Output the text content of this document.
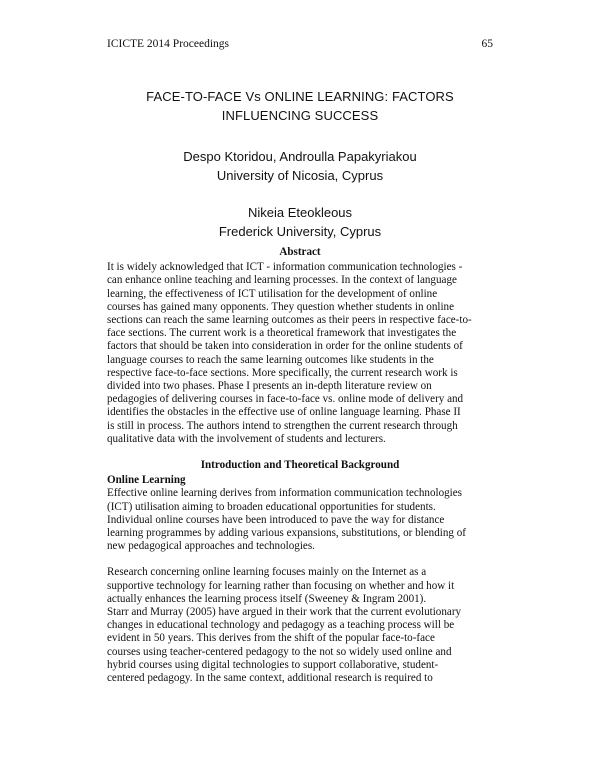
ICICTE 2014 Proceedings	65
FACE-TO-FACE Vs ONLINE LEARNING: FACTORS
INFLUENCING SUCCESS
Despo Ktoridou, Androulla Papakyriakou
University of Nicosia, Cyprus
Nikeia Eteokleous
Frederick University, Cyprus
Abstract
It is widely acknowledged that ICT - information communication technologies -
can enhance online teaching and learning processes. In the context of language
learning, the effectiveness of ICT utilisation for the development of online
courses has gained many opponents. They question whether students in online
sections can reach the same learning outcomes as their peers in respective face-to-
face sections. The current work is a theoretical framework that investigates the
factors that should be taken into consideration in order for the online students of
language courses to reach the same learning outcomes like students in the
respective face-to-face sections. More specifically, the current research work is
divided into two phases. Phase I presents an in-depth literature review on
pedagogies of delivering courses in face-to-face vs. online mode of delivery and
identifies the obstacles in the effective use of online language learning. Phase II
is still in process. The authors intend to strengthen the current research through
qualitative data with the involvement of students and lecturers.
Introduction and Theoretical Background
Online Learning
Effective online learning derives from information communication technologies
(ICT) utilisation aiming to broaden educational opportunities for students.
Individual online courses have been introduced to pave the way for distance
learning programmes by adding various expansions, substitutions, or blending of
new pedagogical approaches and technologies.
Research concerning online learning focuses mainly on the Internet as a
supportive technology for learning rather than focusing on whether and how it
actually enhances the learning process itself (Sweeney & Ingram 2001).
Starr and Murray (2005) have argued in their work that the current evolutionary
changes in educational technology and pedagogy as a teaching process will be
evident in 50 years. This derives from the shift of the popular face-to-face
courses using teacher-centered pedagogy to the not so widely used online and
hybrid courses using digital technologies to support collaborative, student-
centered pedagogy. In the same context, additional research is required to
